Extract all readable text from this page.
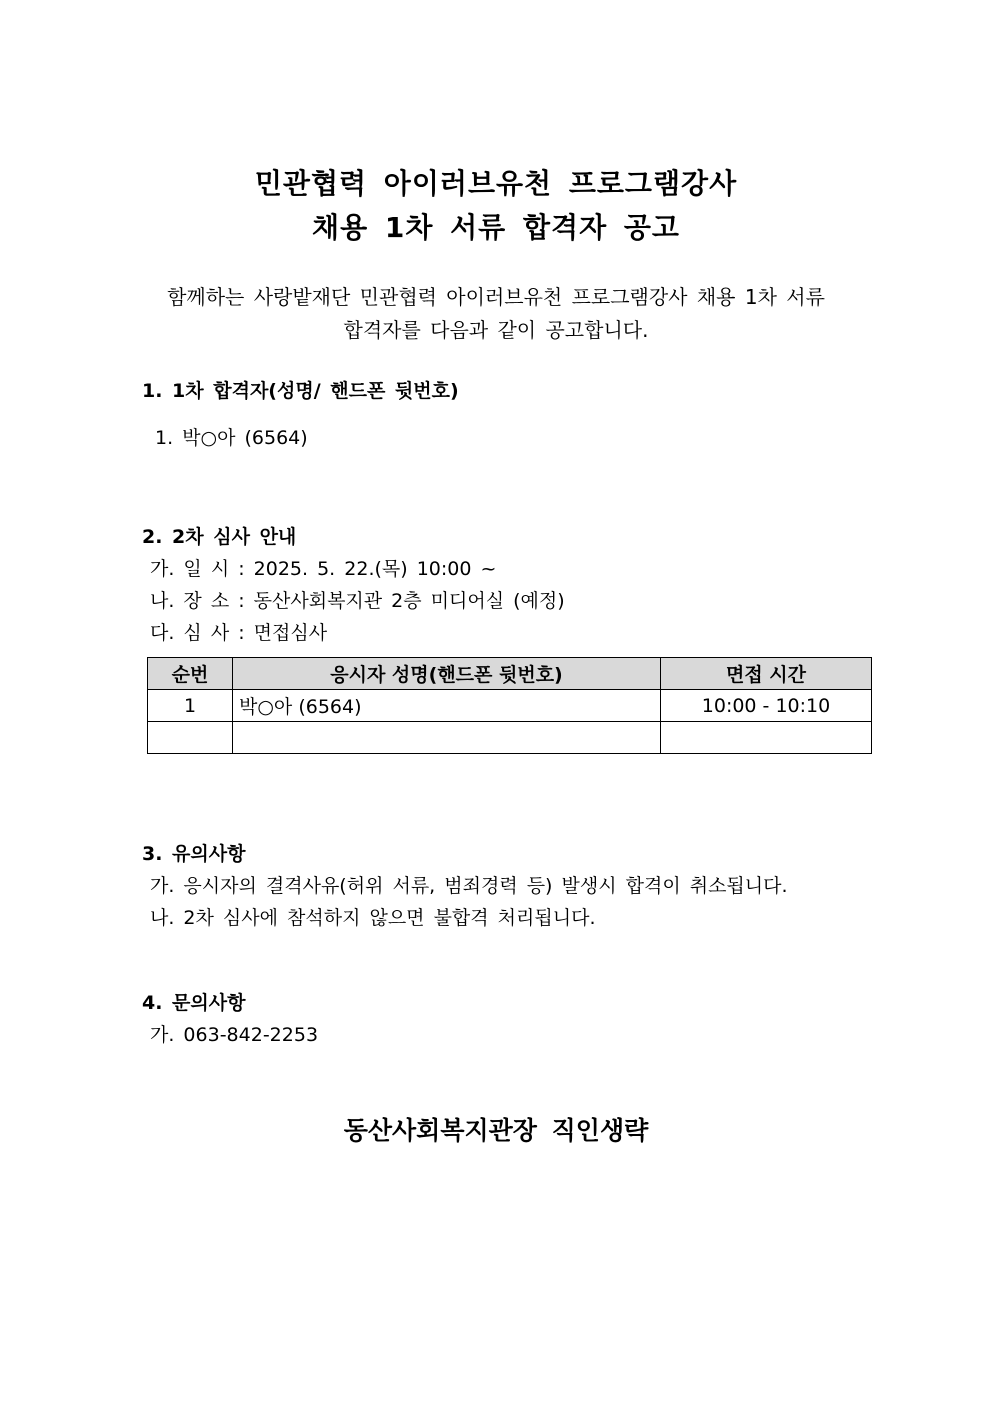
민관협력 아이러브유천 프로그램강사
채용 1차 서류 합격자 공고
함께하는 사랑밭재단 민관협력 아이러브유천 프로그램강사 채용 1차 서류
합격자를 다음과 같이 공고합니다.
1. 1차 합격자(성명/ 핸드폰 뒷번호)
1. 박○아 (6564)
2. 2차 심사 안내
가. 일 시 : 2025. 5. 22.(목) 10:00 ~
나. 장 소 : 동산사회복지관 2층 미디어실 (예정)
다. 심 사 : 면접심사
순번	응시자 성명(핸드폰 뒷번호)	면접 시간
1	박○아 (6564)	10:00 - 10:10

3. 유의사항
가. 응시자의 결격사유(허위 서류, 범죄경력 등) 발생시 합격이 취소됩니다.
나. 2차 심사에 참석하지 않으면 불합격 처리됩니다.
4. 문의사항
가. 063-842-2253
동산사회복지관장 직인생략
